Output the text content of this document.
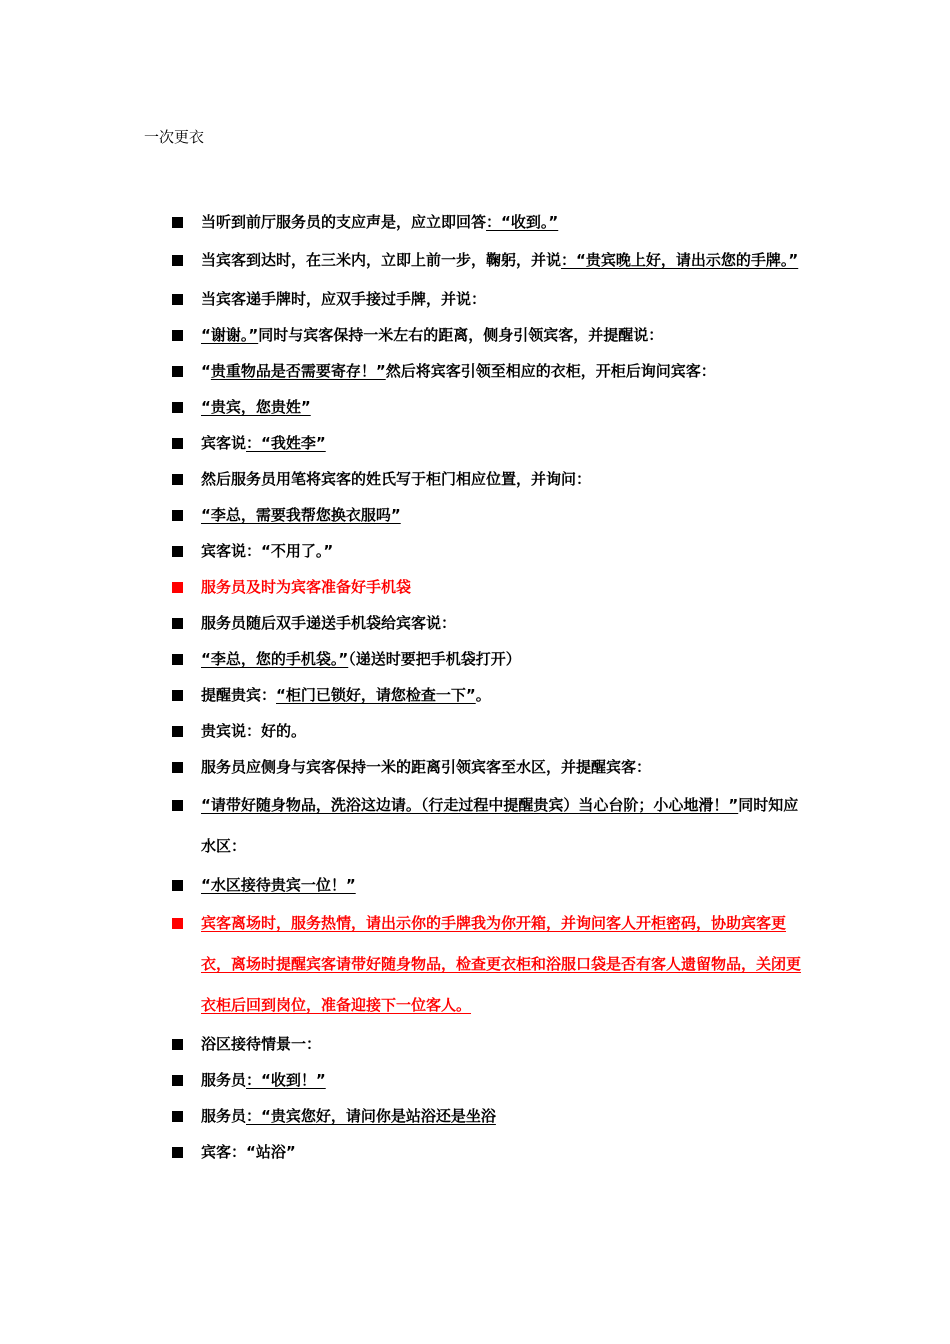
一次更衣
当听到前厅服务员的支应声是，应立即回答：“收到。”
当宾客到达时，在三米内，立即上前一步，鞠躬，并说：“贵宾晚上好，请出示您的手牌。”
当宾客递手牌时，应双手接过手牌，并说：
“谢谢。”同时与宾客保持一米左右的距离，侧身引领宾客，并提醒说：
“贵重物品是否需要寄存！”然后将宾客引领至相应的衣柜，开柜后询问宾客：
“贵宾，您贵姓”
宾客说：“我姓李”
然后服务员用笔将宾客的姓氏写于柜门相应位置，并询问：
“李总，需要我帮您换衣服吗”
宾客说：“不用了。”
服务员及时为宾客准备好手机袋
服务员随后双手递送手机袋给宾客说：
“李总，您的手机袋。”（递送时要把手机袋打开）
提醒贵宾：“柜门已锁好，请您检查一下”。
贵宾说：好的。
服务员应侧身与宾客保持一米的距离引领宾客至水区，并提醒宾客：
“请带好随身物品，洗浴这边请。（行走过程中提醒贵宾）当心台阶；小心地滑！”同时知应水区：
“水区接待贵宾一位！”
宾客离场时，服务热情，请出示你的手牌我为你开箱，并询问客人开柜密码，协助宾客更衣，离场时提醒宾客请带好随身物品，检查更衣柜和浴服口袋是否有客人遗留物品，关闭更衣柜后回到岗位，准备迎接下一位客人。
浴区接待情景一：
服务员：“收到！”
服务员：“贵宾您好，请问你是站浴还是坐浴
宾客：“站浴”
